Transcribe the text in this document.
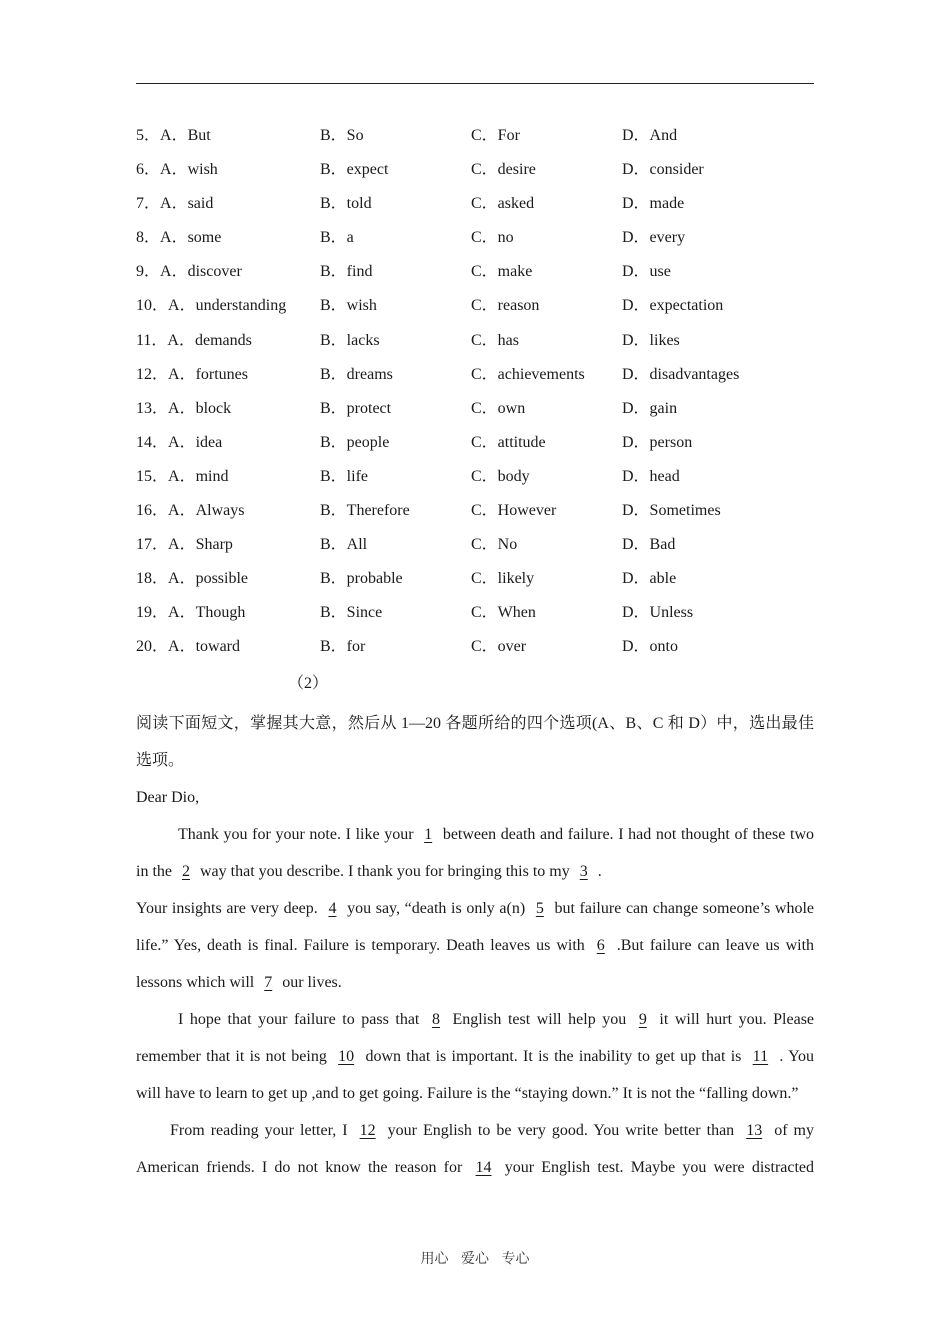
5．A．But	B．So	C．For	D．And
6．A．wish	B．expect	C．desire	D．consider
7．A．said	B．told	C．asked	D．made
8．A．some	B．a	C．no	D．every
9．A．discover	B．find	C．make	D．use
10．A．understanding B．wish	C．reason	D．expectation
11．A．demands	B．lacks	C．has	D．likes
12．A．fortunes	B．dreams	C．achievements D．disadvantages
13．A．block	B．protect	C．own	D．gain
14．A．idea	B．people	C．attitude	D．person
15．A．mind	B．life	C．body	D．head
16．A．Always	B．Therefore	C．However	D．Sometimes
17．A．Sharp	B．All	C．No	D．Bad
18．A．possible	B．probable	C．likely	D．able
19．A．Though	B．Since	C．When	D．Unless
20．A．toward	B．for	C．over	D．onto
（2）

阅读下面短文，掌握其大意，然后从 1—20 各题所给的四个选项(A、B、C 和 D）中，选出最佳选项。

Dear Dio,

Thank you for your note. I like your 1 between death and failure. I had not thought of these two in the 2 way that you describe. I thank you for bringing this to my 3 .

Your insights are very deep. 4 you say, “death is only a(n) 5 but failure can change someone’s whole life.” Yes, death is final. Failure is temporary. Death leaves us with 6 .But failure can leave us with lessons which will 7 our lives.

I hope that your failure to pass that 8 English test will help you 9 it will hurt you. Please remember that it is not being 10 down that is important. It is the inability to get up that is 11 . You will have to learn to get up ,and to get going. Failure is the “staying down.” It is not the “falling down.”

From reading your letter, I 12 your English to be very good. You write better than 13 of my American friends. I do not know the reason for 14 your English test. Maybe you were distracted

用心 爱心 专心
